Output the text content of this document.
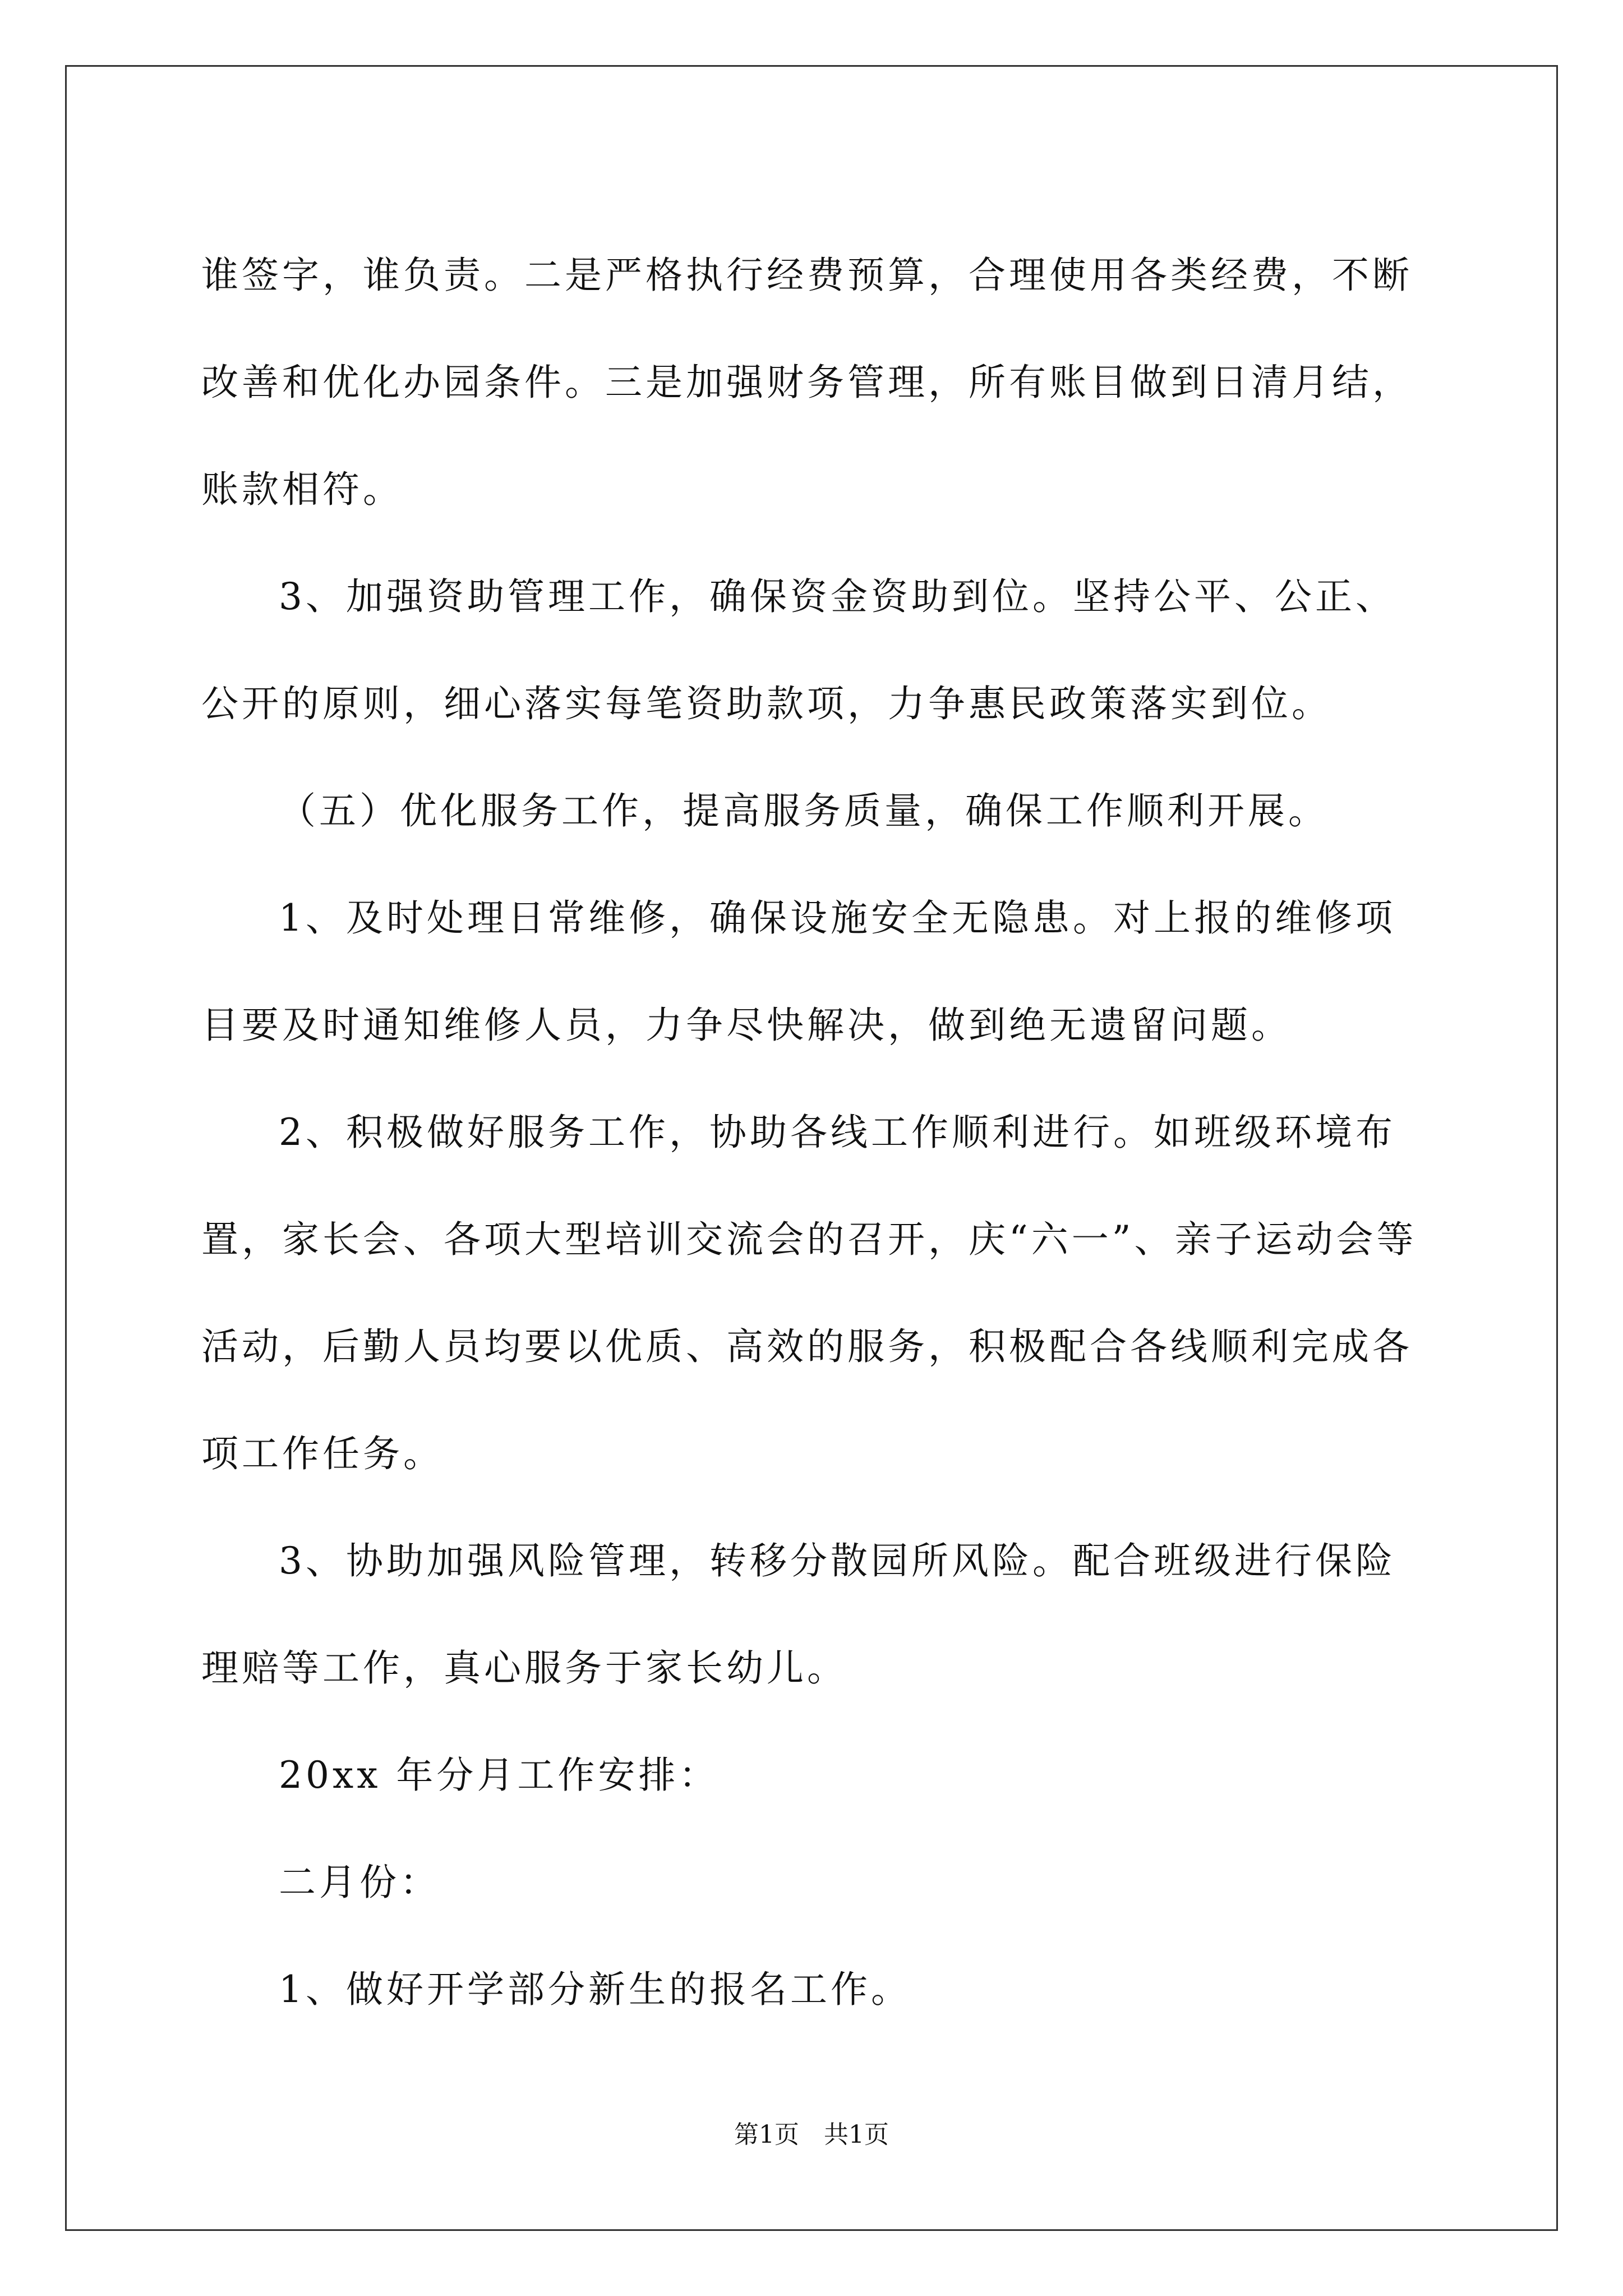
谁签字，谁负责。二是严格执行经费预算，合理使用各类经费，不断改善和优化办园条件。三是加强财务管理，所有账目做到日清月结，账款相符。

3、加强资助管理工作，确保资金资助到位。坚持公平、公正、公开的原则，细心落实每笔资助款项，力争惠民政策落实到位。

（五）优化服务工作，提高服务质量，确保工作顺利开展。

1、及时处理日常维修，确保设施安全无隐患。对上报的维修项目要及时通知维修人员，力争尽快解决，做到绝无遗留问题。

2、积极做好服务工作，协助各线工作顺利进行。如班级环境布置，家长会、各项大型培训交流会的召开，庆“六一”、亲子运动会等活动，后勤人员均要以优质、高效的服务，积极配合各线顺利完成各项工作任务。

3、协助加强风险管理，转移分散园所风险。配合班级进行保险理赔等工作，真心服务于家长幼儿。

20xx 年分月工作安排：

二月份：

1、做好开学部分新生的报名工作。

第1页　共1页
